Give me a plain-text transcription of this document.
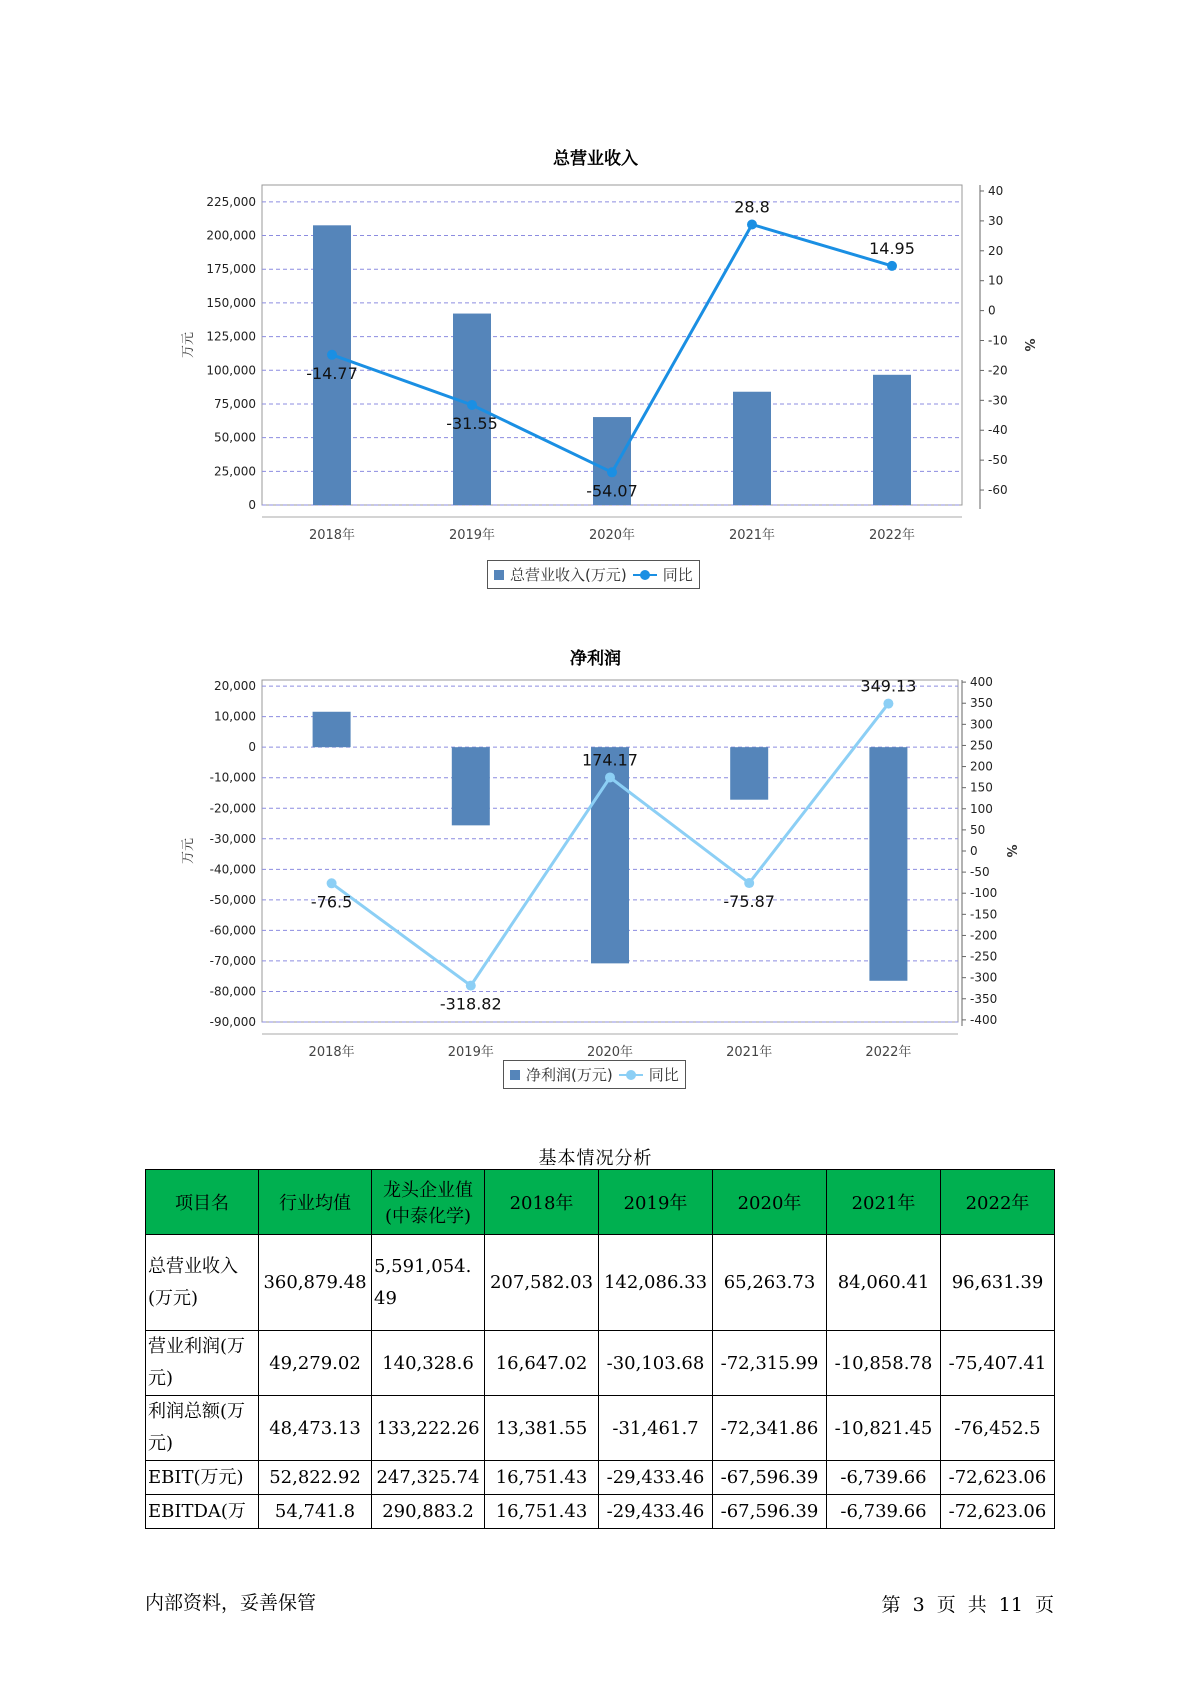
总营业收入
0
25,000
50,000
75,000
100,000
125,000
150,000
175,000
200,000
225,000
-60
-50
-40
-30
-20
-10
0
10
20
30
40
万元	%
2018年	2019年	2020年	2021年	2022年
-14.77
-31.55
-54.07
28.8
14.95
总营业收入(万元) 同比
净利润
-90,000
-80,000
-70,000
-60,000
-50,000
-40,000
-30,000
-20,000
-10,000
0
10,000
20,000
-400
-350
-300
-250
-200
-150
-100
-50
0
50
100
150
200
250
300
350
400
万元	%
2018年	2019年	2020年	2021年	2022年
-76.5
-318.82
174.17
-75.87
349.13
净利润(万元) 同比
基本情况分析
项目名	行业均值	龙头企业值(中泰化学)	2018年	2019年	2020年	2021年	2022年
总营业收入(万元)	360,879.48	5,591,054.49	207,582.03	142,086.33	65,263.73	84,060.41	96,631.39
营业利润(万元)	49,279.02	140,328.6	16,647.02	-30,103.68	-72,315.99	-10,858.78	-75,407.41
利润总额(万元)	48,473.13	133,222.26	13,381.55	-31,461.7	-72,341.86	-10,821.45	-76,452.5
EBIT(万元)	52,822.92	247,325.74	16,751.43	-29,433.46	-67,596.39	-6,739.66	-72,623.06
EBITDA(万	54,741.8	290,883.2	16,751.43	-29,433.46	-67,596.39	-6,739.66	-72,623.06
内部资料，妥善保管	第 3 页 共 11 页
